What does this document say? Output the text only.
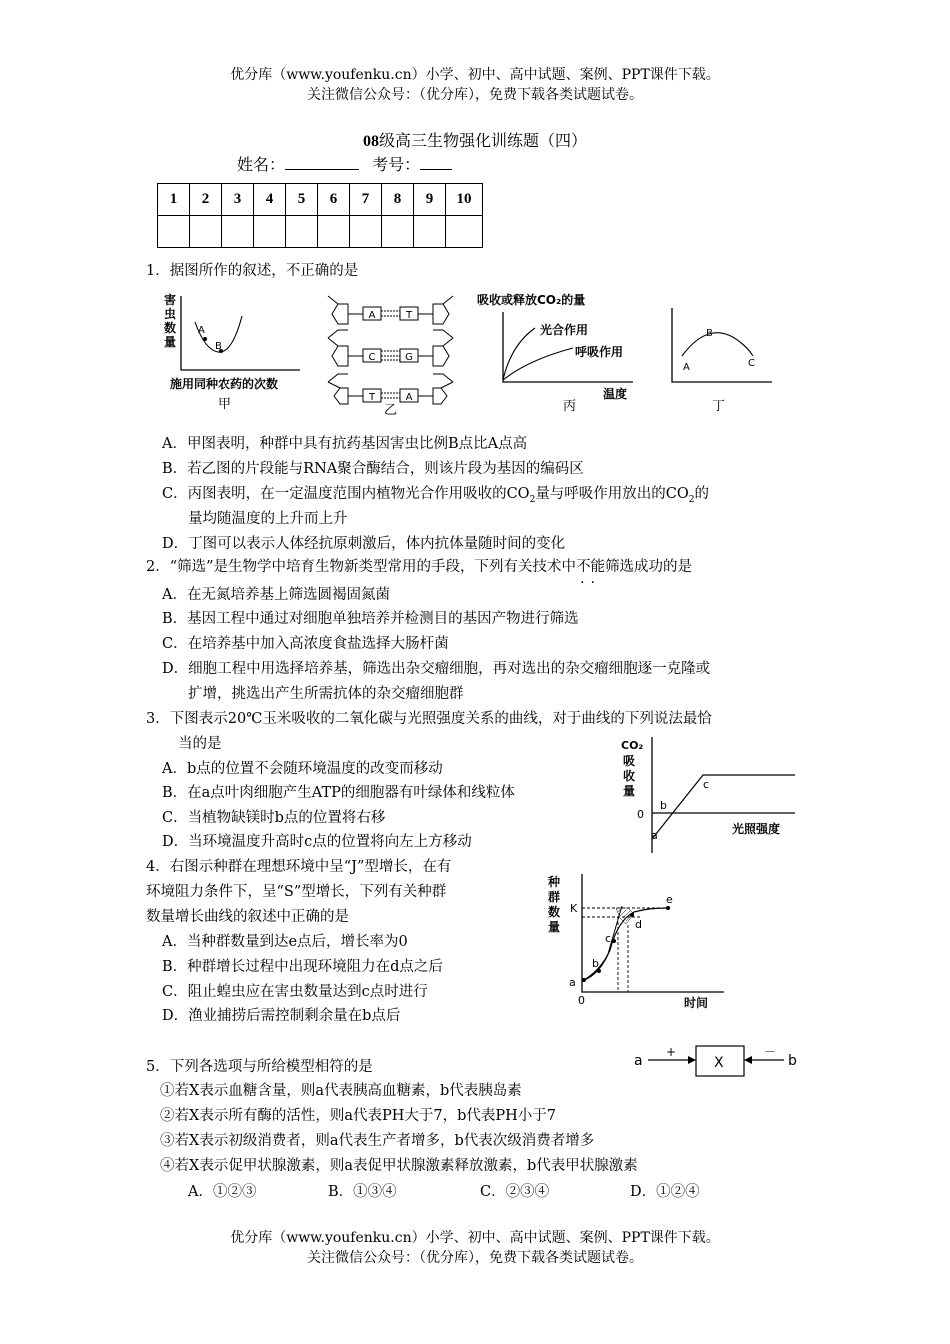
优分库（www.youfenku.cn）小学、初中、高中试题、案例、PPT课件下载。
关注微信公众号：（优分库），免费下载各类试题试卷。
08级高三生物强化训练题（四）
姓名：	考号：
1	2	3	4	5	6	7	8	9	10

1．据图所作的叙述，不正确的是
害
虫
数
量
A
B
施用同种农药的次数
甲
A	T
C	G
T	A
乙
吸收或释放CO₂的量
光合作用
呼吸作用
温度
丙
A
B
C
丁
A．甲图表明，种群中具有抗药基因害虫比例B点比A点高
B．若乙图的片段能与RNA聚合酶结合，则该片段为基因的编码区
C．丙图表明，在一定温度范围内植物光合作用吸收的$CO_2$量与呼吸作用放出的$CO_2$的
量均随温度的上升而上升
D．丁图可以表示人体经抗原刺激后，体内抗体量随时间的变化
2．“筛选”是生物学中培育生物新类型常用的手段，下列有关技术中不能 ..筛选成功的是
A．在无氮培养基上筛选圆褐固氮菌
B．基因工程中通过对细胞单独培养并检测目的基因产物进行筛选
C．在培养基中加入高浓度食盐选择大肠杆菌
D．细胞工程中用选择培养基，筛选出杂交瘤细胞，再对选出的杂交瘤细胞逐一克隆或
扩增，挑选出产生所需抗体的杂交瘤细胞群
3．下图表示20℃玉米吸收的二氧化碳与光照强度关系的曲线，对于曲线的下列说法最恰
当的是
A．b点的位置不会随环境温度的改变而移动
B．在a点叶肉细胞产生ATP的细胞器有叶绿体和线粒体
C．当植物缺镁时b点的位置将右移
D．当环境温度升高时c点的位置将向左上方移动
CO₂
吸
收
量
0
a
b
c
光照强度
4．右图示种群在理想环境中呈“J”型增长，在有
环境阻力条件下，呈“S”型增长，下列有关种群
数量增长曲线的叙述中正确的是
A．当种群数量到达e点后，增长率为0
B．种群增长过程中出现环境阻力在d点之后
C．阻止蝗虫应在害虫数量达到c点时进行
D．渔业捕捞后需控制剩余量在b点后
种
群
数
量
K
a
b
c
d
e
0	时间
5．下列各选项与所给模型相符的是	a
+
X
－
b
①若X表示血糖含量，则a代表胰高血糖素，b代表胰岛素
②若X表示所有酶的活性，则a代表PH大于7，b代表PH小于7
③若X表示初级消费者，则a代表生产者增多，b代表次级消费者增多
④若X表示促甲状腺激素，则a表促甲状腺激素释放激素，b代表甲状腺激素
A．①②③	B．①③④	C．②③④	D．①②④
优分库（www.youfenku.cn）小学、初中、高中试题、案例、PPT课件下载。
关注微信公众号：（优分库），免费下载各类试题试卷。
